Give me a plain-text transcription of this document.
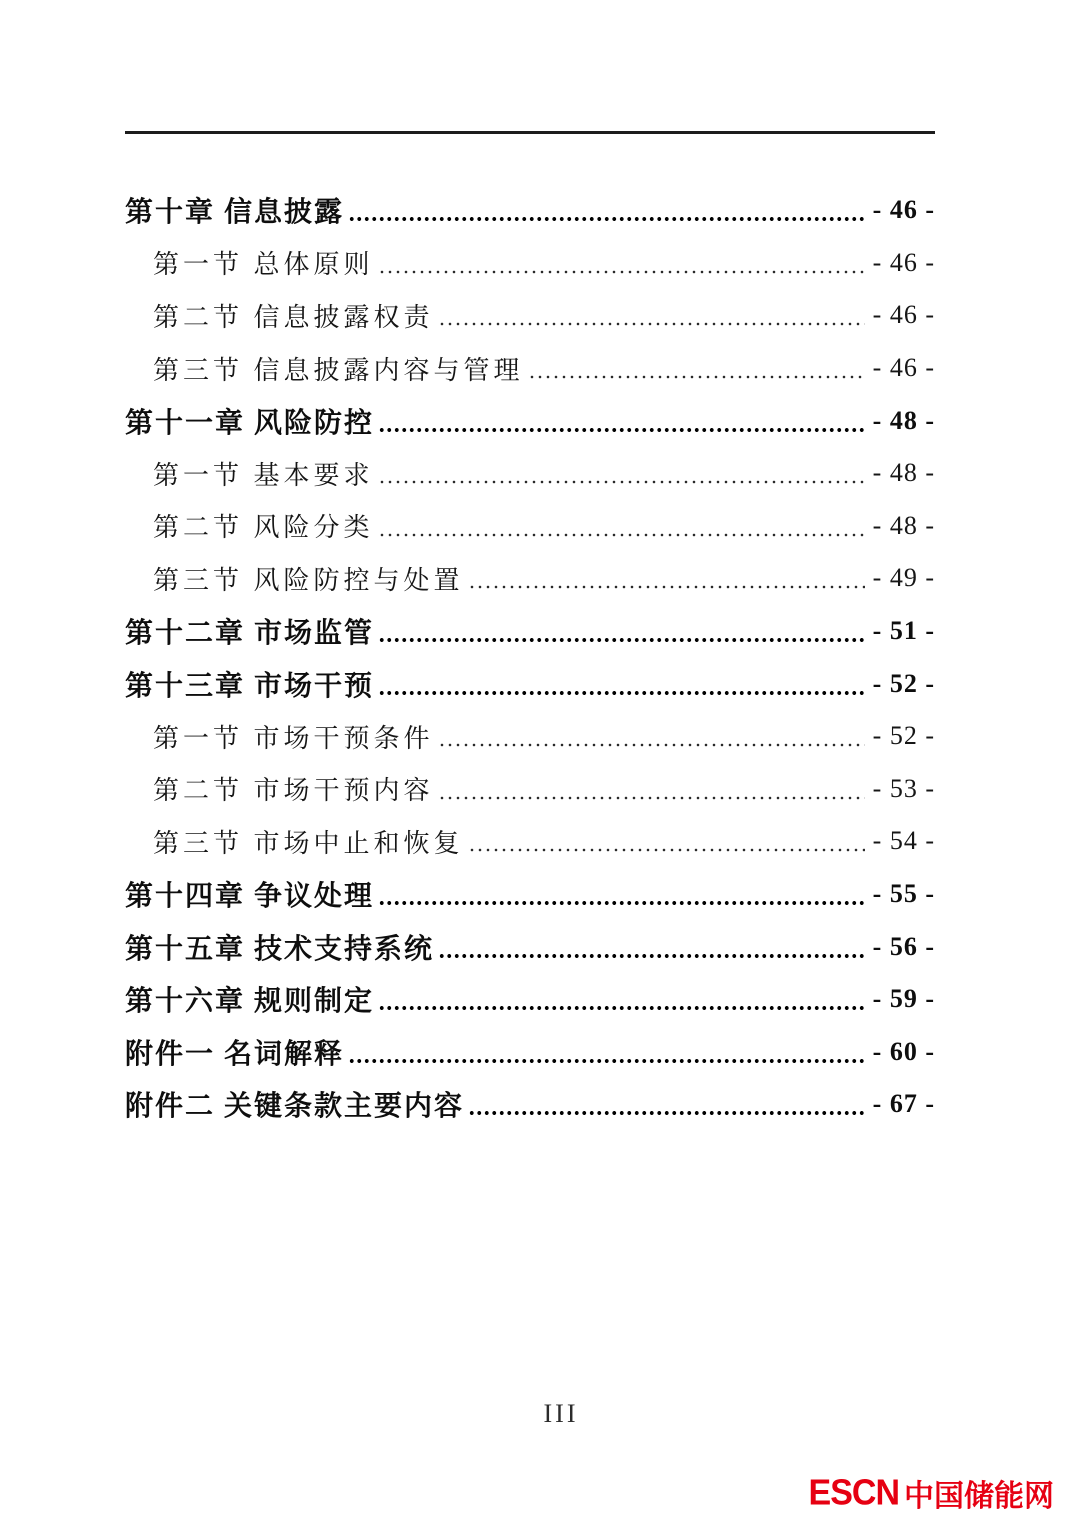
第十章 信息披露	- 46 -
第一节 总体原则	- 46 -
第二节 信息披露权责	- 46 -
第三节 信息披露内容与管理	- 46 -
第十一章 风险防控	- 48 -
第一节 基本要求	- 48 -
第二节 风险分类	- 48 -
第三节 风险防控与处置	- 49 -
第十二章 市场监管	- 51 -
第十三章 市场干预	- 52 -
第一节 市场干预条件	- 52 -
第二节 市场干预内容	- 53 -
第三节 市场中止和恢复	- 54 -
第十四章 争议处理	- 55 -
第十五章 技术支持系统	- 56 -
第十六章 规则制定	- 59 -
附件一 名词解释	- 60 -
附件二 关键条款主要内容	- 67 -
III
ESCN 中国储能网
